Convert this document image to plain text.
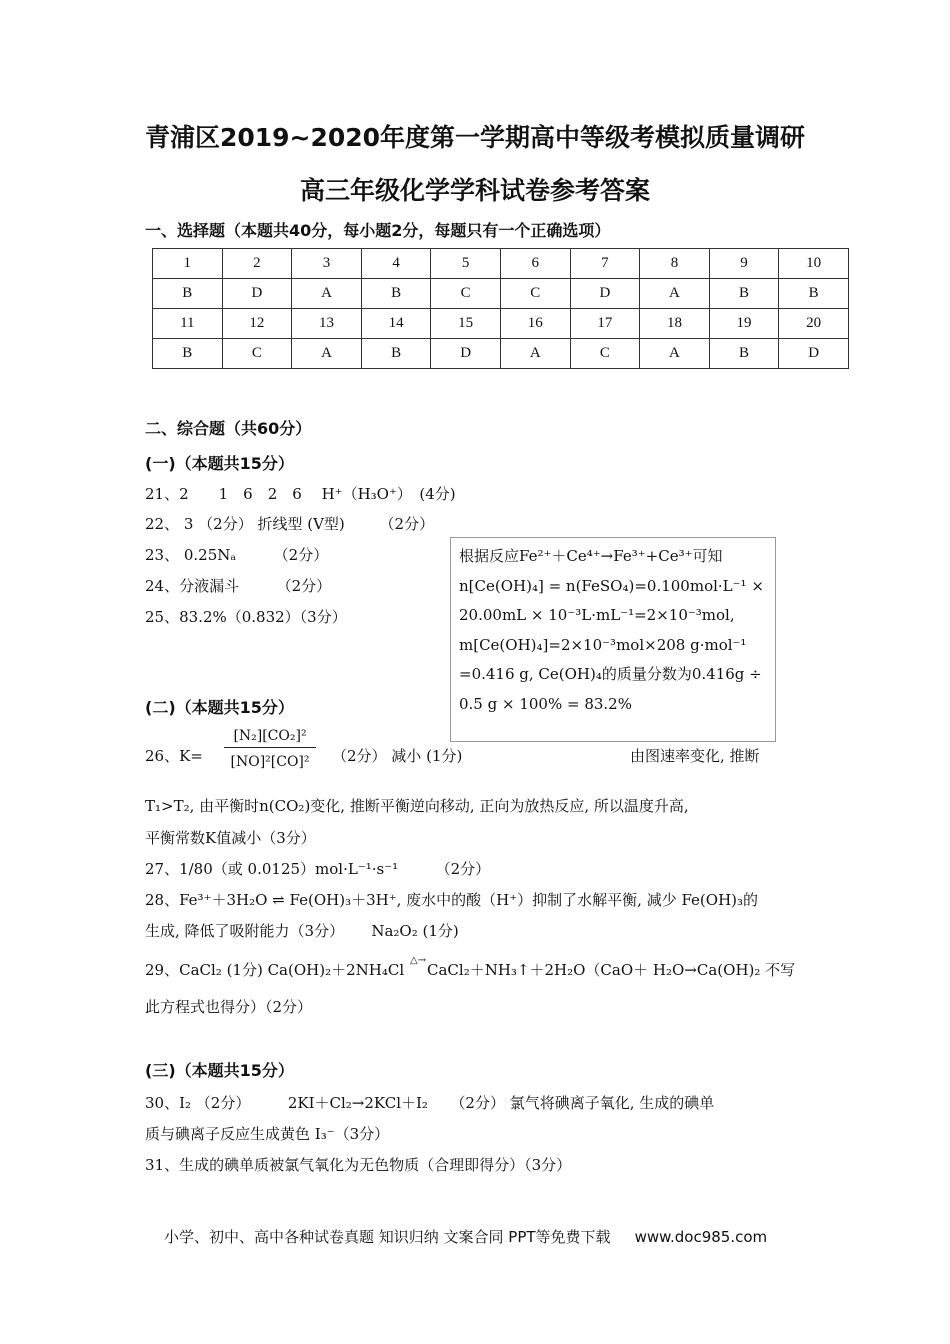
青浦区2019~2020年度第一学期高中等级考模拟质量调研
高三年级化学学科试卷参考答案
一、选择题（本题共40分，每小题2分，每题只有一个正确选项）
1	2	3	4	5	6	7	8	9	10
B	D	A	B	C	C	D	A	B	B
11	12	13	14	15	16	17	18	19	20
B	C	A	B	D	A	C	A	B	D
二、综合题（共60分）
(一)（本题共15分）
21、2　　1　6　2　6　 H⁺（H₃O⁺）　(4分)
22、 3 （2分） 折线型 (V型)　　 （2分）
23、 0.25Nₐ　　　（2分）
24、分液漏斗　　　（2分）
25、83.2%（0.832）（3分）
根据反应Fe²⁺＋Ce⁴⁺→Fe³⁺+Ce³⁺可知n[Ce(OH)₄] = n(FeSO₄)=0.100mol·L⁻¹ × 20.00mL × 10⁻³L·mL⁻¹=2×10⁻³mol, m[Ce(OH)₄]=2×10⁻³mol×208 g·mol⁻¹ =0.416 g, Ce(OH)₄的质量分数为0.416g ÷ 0.5 g × 100% = 83.2%
(二)（本题共15分）
26、$K= \frac{\text{[N₂][CO₂]²}}{\text{[NO]²[CO]²}} (2$分） 减小 (1分)	由图速率变化, 推断
T₁>T₂, 由平衡时n(CO₂)变化, 推断平衡逆向移动, 正向为放热反应, 所以温度升高,
平衡常数K值减小（3分）
27、1/80（或 0.0125）mol·L⁻¹·s⁻¹　　　（2分）
28、Fe³⁺＋3H₂O ⇌ Fe(OH)₃＋3H⁺, 废水中的酸（H⁺）抑制了水解平衡, 减少 Fe(OH)₃的
生成, 降低了吸附能力（3分）　　 Na₂O₂ (1分)
29、CaCl₂ (1分) Ca(OH)₂＋2NH₄Cl
△→
CaCl₂＋NH₃↑＋2H₂O（CaO＋ H₂O→Ca(OH)₂ 不写
此方程式也得分）（2分）
(三)（本题共15分）
30、I₂ （2分）　　　2KI＋Cl₂→2KCl＋I₂　　（2分） 氯气将碘离子氧化, 生成的碘单
质与碘离子反应生成黄色 I₃⁻（3分）
31、生成的碘单质被氯气氧化为无色物质（合理即得分）（3分）
小学、初中、高中各种试卷真题 知识归纳 文案合同 PPT等免费下载 www.doc985.com
